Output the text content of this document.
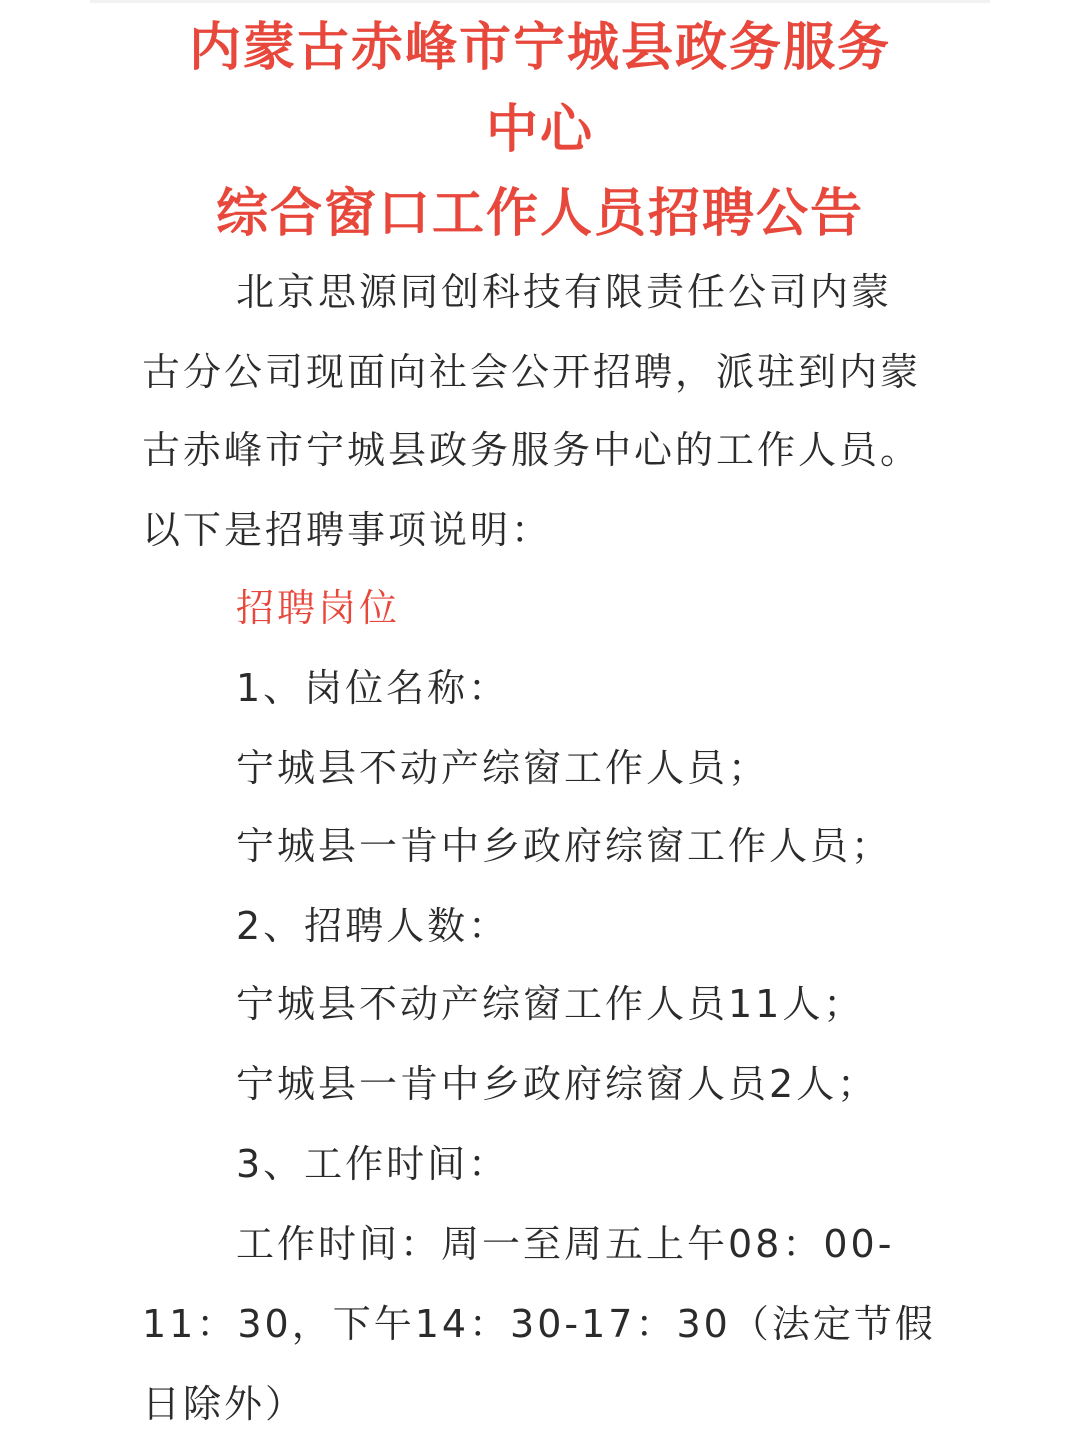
内蒙古赤峰市宁城县政务服务
中心
综合窗口工作人员招聘公告
北京思源同创科技有限责任公司内蒙
古分公司现面向社会公开招聘，派驻到内蒙
古赤峰市宁城县政务服务中心的工作人员。
以下是招聘事项说明：
招聘岗位
1、岗位名称：
宁城县不动产综窗工作人员；
宁城县一肯中乡政府综窗工作人员；
2、招聘人数：
宁城县不动产综窗工作人员11人；
宁城县一肯中乡政府综窗人员2人；
3、工作时间：
工作时间：周一至周五上午08：00-
11：30，下午14：30-17：30（法定节假
日除外）
